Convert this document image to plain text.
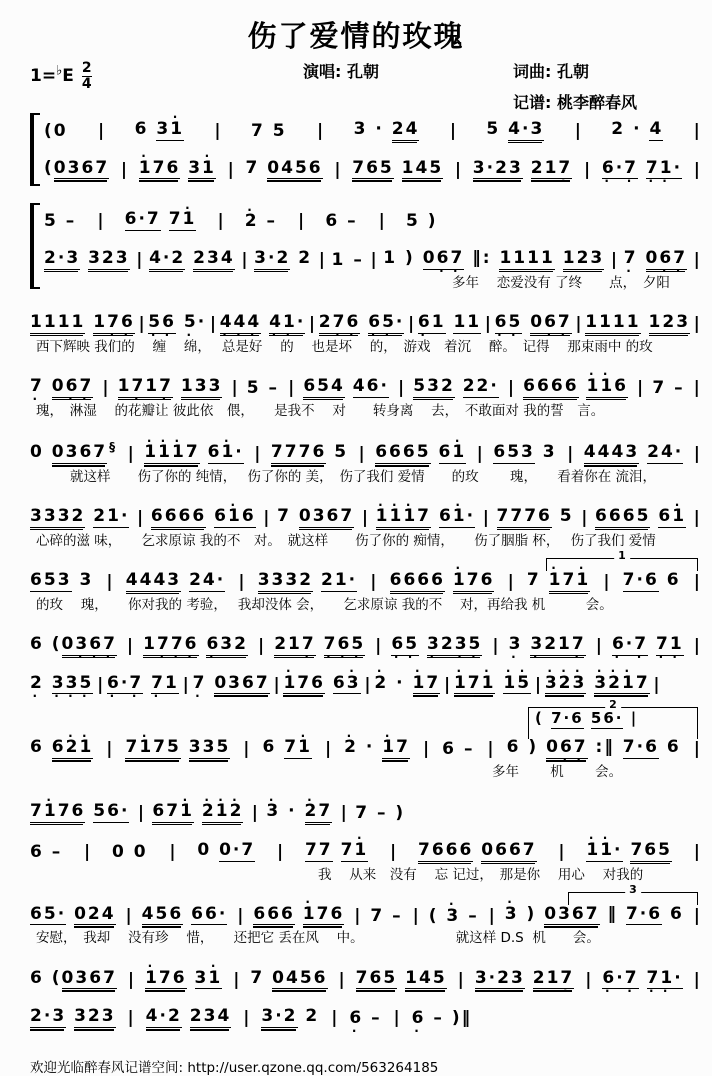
伤了爱情的玫瑰
$1=^♭E \frac{2}{4}$	演唱: 孔朝	词曲: 孔朝
记谱: 桃李醉春风
(0 | 6 3· 1 | 7 5 | 3 · 24 | 5 4·3 | 2 · 4 |
(0367 | · 176 3· 1 | 7 0456 | 765 145 | 3·23 217 · | 6 ··7 · 7 ·1 ·· |
5 – | 6·7 7· 1 | · 2 – | 6 – | 5 )
2·3 323 | 4·2 234 | 3·2 2 | 1 – | 1 ) 06 ·7 · ‖: 1111 123 | 7 · 06 ·7 · |
多年　 恋爱没有 了终　　点，　夕阳
1111 17 ·6 · | 5 ·6 · 5 ·· | 4 ·4 ·4 · 4 ·1 ·· | 27 ·6 · 6 ·5 ·· | 6 ·1 11 | 6 ·5 · 06 ·7 · | 1111 123 |
西下辉映 我们的　 缠　 绵，　 总是好　 的　 也是坏　 的，　游戏　着沉　 醉。　记得　 那束雨中 的玫
7 · 06 ·7 · | 17 ·17 · 133 | 5 – | 654 46· | 532 22· | 6666 · 1· 16 | 7 – |
瑰，　淋湿　 的花瓣让 彼此依　偎，　　是我不　 对　　转身离　 去，　不敢面对 我的誓　言。
0 0367 § | · 1· 1· 17 6· 1· | 7776 5 | 6665 6· 1 | 653 3 | 4443 24· |
就这样　　伤了你的 纯情，　 伤了你的 美，　伤了我们 爱情　　的玫　　 瑰，　　看着你在 流泪，
3332 21· | 6666 6· 16 | 7 0367 | · 1· 1· 17 6· 1· | 7776 5 | 6665 6· 1 |
心碎的滋 味，　　乞求原谅 我的不　对。　就这样　　伤了你的 痴情，　　伤了胭脂 杯，　 伤了我们 爱情
1
653 3 | 4443 24· | 3332 21· | 6666 · 176 | 7 · 17· 1 | 7·6 6 |
的玫　 瑰，　　你对我的 考验，　 我却没体 会，　　乞求原谅 我的不　 对，再给我 机　　　会。
6 (03 ·6 ·7 · | 17 ·7 ·6 · 6 ·32 | 217 · 7 ·6 ·5 · | 6 ·5 · 3 ·23 ·5 · | 3 · 3 ·217 · | 6 ··7 · 7 ·1 · |
2 · 3 ·3 ·5 · | 6 ··7 · 7 ·1 | 7 · 0367 | · 176 6· 3 | · 2 · · 17 | · 17· 1 · 1· 5 | · 3· 2· 3 · 3· 2· 17 |
2
( 7·6 56· |
6 6· 2· 1 | 7· 175 335 | 6 7· 1 | · 2 · · 17 | 6 – | 6 ) 06 ·7 · :‖ 7·6 6 |
多年　　 机　　 会。
7· 176 56· | 67· 1 · 2· 1· 2 | · 3 · · 27 | 7 – )
6 – | 0 0 | 0 0·7 | 77 7· 1 | 7666 0667 | · 1· 1· 765 |
我　 从来　没有　 忘 记过，　那是你　 用心　 对我的
3
65· 024 | 456 66· | 666 · 176 | 7 – | ( · 3 – | · 3 ) 0367 ‖ 7·6 6 |
安慰，　我却　 没有珍　 惜，　　还把它 丢在风　 中。　　　　　　　 就这样 D.S  机　　会。
6 (0367 | · 176 3· 1 | 7 0456 | 765 145 | 3·23 217 · | 6 ··7 · 7 ·1 ·· |
2·3 323 | 4·2 234 | 3·2 2 | 6 · – | 6 · – )‖
欢迎光临醉春风记谱空间: http://user.qzone.qq.com/563264185
